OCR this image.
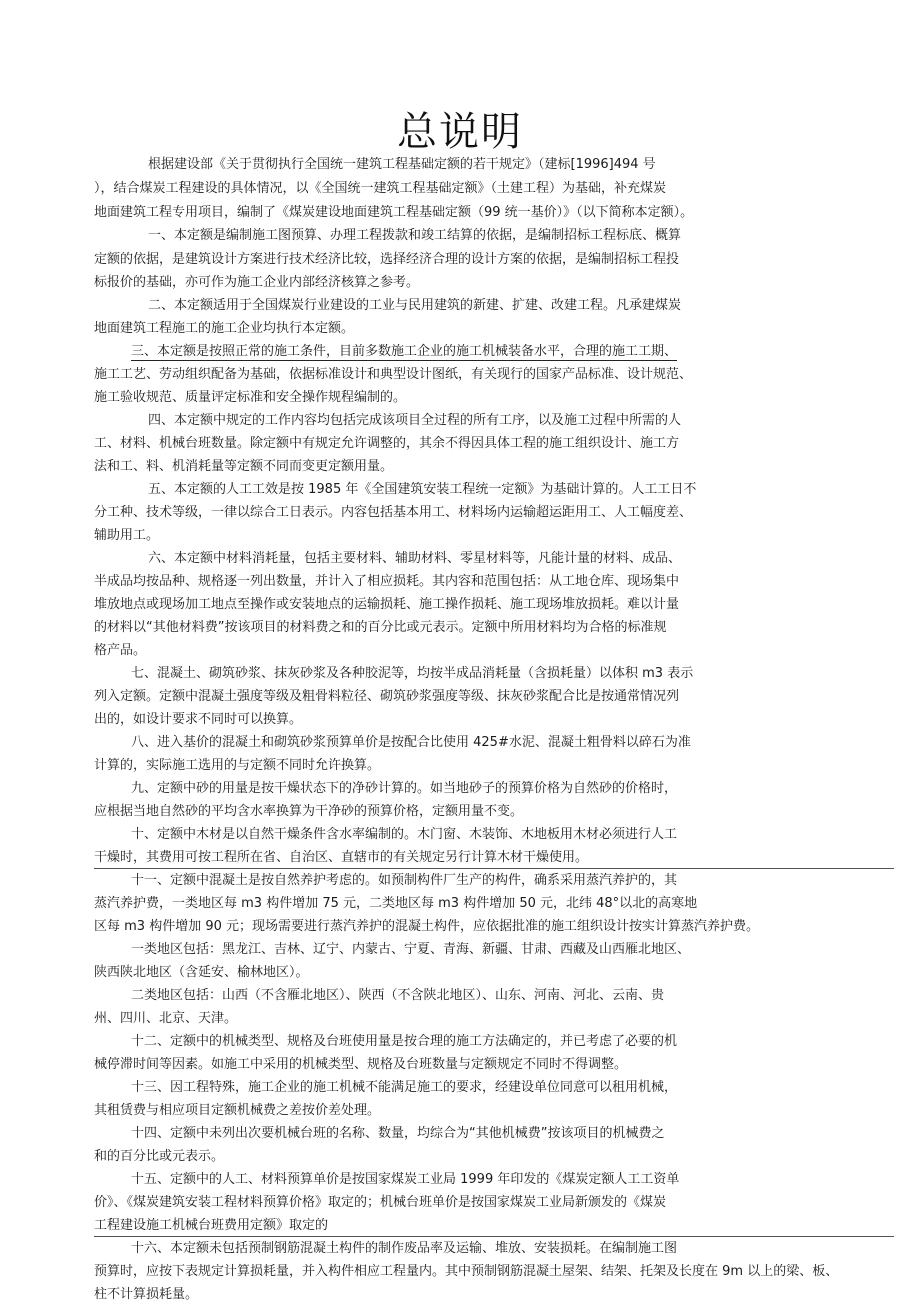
总说明
根据建设部《关于贯彻执行全国统一建筑工程基础定额的若干规定》（建标[1996]494 号
），结合煤炭工程建设的具体情况，以《全国统一建筑工程基础定额》（土建工程）为基础，补充煤炭
地面建筑工程专用项目，编制了《煤炭建设地面建筑工程基础定额（99 统一基价）》（以下简称本定额）。
一、本定额是编制施工图预算、办理工程拨款和竣工结算的依据，是编制招标工程标底、概算
定额的依据，是建筑设计方案进行技术经济比较，选择经济合理的设计方案的依据，是编制招标工程投
标报价的基础，亦可作为施工企业内部经济核算之参考。
二、本定额适用于全国煤炭行业建设的工业与民用建筑的新建、扩建、改建工程。凡承建煤炭
地面建筑工程施工的施工企业均执行本定额。
三、本定额是按照正常的施工条件，目前多数施工企业的施工机械装备水平，合理的施工工期、
施工工艺、劳动组织配备为基础，依据标准设计和典型设计图纸，有关现行的国家产品标准、设计规范、
施工验收规范、质量评定标准和安全操作规程编制的。
四、本定额中规定的工作内容均包括完成该项目全过程的所有工序，以及施工过程中所需的人
工、材料、机械台班数量。除定额中有规定允许调整的，其余不得因具体工程的施工组织设计、施工方
法和工、料、机消耗量等定额不同而变更定额用量。
五、本定额的人工工效是按 1985 年《全国建筑安装工程统一定额》为基础计算的。人工工日不
分工种、技术等级，一律以综合工日表示。内容包括基本用工、材料场内运输超运距用工、人工幅度差、
辅助用工。
六、本定额中材料消耗量，包括主要材料、辅助材料、零星材料等，凡能计量的材料、成品、
半成品均按品种、规格逐一列出数量，并计入了相应损耗。其内容和范围包括：从工地仓库、现场集中
堆放地点或现场加工地点至操作或安装地点的运输损耗、施工操作损耗、施工现场堆放损耗。难以计量
的材料以“其他材料费”按该项目的材料费之和的百分比或元表示。定额中所用材料均为合格的标准规
格产品。
七、混凝土、砌筑砂浆、抹灰砂浆及各种胶泥等，均按半成品消耗量（含损耗量）以体积 m3 表示
列入定额。定额中混凝土强度等级及粗骨料粒径、砌筑砂浆强度等级、抹灰砂浆配合比是按通常情况列
出的，如设计要求不同时可以换算。
八、进入基价的混凝土和砌筑砂浆预算单价是按配合比使用 425#水泥、混凝土粗骨料以碎石为准
计算的，实际施工选用的与定额不同时允许换算。
九、定额中砂的用量是按干燥状态下的净砂计算的。如当地砂子的预算价格为自然砂的价格时，
应根据当地自然砂的平均含水率换算为干净砂的预算价格，定额用量不变。
十、定额中木材是以自然干燥条件含水率编制的。木门窗、木装饰、木地板用木材必须进行人工
干燥时，其费用可按工程所在省、自治区、直辖市的有关规定另行计算木材干燥使用。
十一、定额中混凝土是按自然养护考虑的。如预制构件厂生产的构件，确系采用蒸汽养护的，其
蒸汽养护费，一类地区每 m3 构件增加 75 元，二类地区每 m3 构件增加 50 元，北纬 48°以北的高寒地
区每 m3 构件增加 90 元；现场需要进行蒸汽养护的混凝土构件，应依据批准的施工组织设计按实计算蒸汽养护费。
一类地区包括：黑龙江、吉林、辽宁、内蒙古、宁夏、青海、新疆、甘肃、西藏及山西雁北地区、
陕西陕北地区（含延安、榆林地区）。
二类地区包括：山西（不含雁北地区）、陕西（不含陕北地区）、山东、河南、河北、云南、贵
州、四川、北京、天津。
十二、定额中的机械类型、规格及台班使用量是按合理的施工方法确定的，并已考虑了必要的机
械停滞时间等因素。如施工中采用的机械类型、规格及台班数量与定额规定不同时不得调整。
十三、因工程特殊，施工企业的施工机械不能满足施工的要求，经建设单位同意可以租用机械，
其租赁费与相应项目定额机械费之差按价差处理。
十四、定额中未列出次要机械台班的名称、数量，均综合为“其他机械费”按该项目的机械费之
和的百分比或元表示。
十五、定额中的人工、材料预算单价是按国家煤炭工业局 1999 年印发的《煤炭定额人工工资单
价》、《煤炭建筑安装工程材料预算价格》取定的；机械台班单价是按国家煤炭工业局新颁发的《煤炭
工程建设施工机械台班费用定额》取定的
十六、本定额未包括预制钢筋混凝土构件的制作废品率及运输、堆放、安装损耗。在编制施工图
预算时，应按下表规定计算损耗量，并入构件相应工程量内。其中预制钢筋混凝土屋架、结架、托架及长度在 9m 以上的梁、板、
柱不计算损耗量。
